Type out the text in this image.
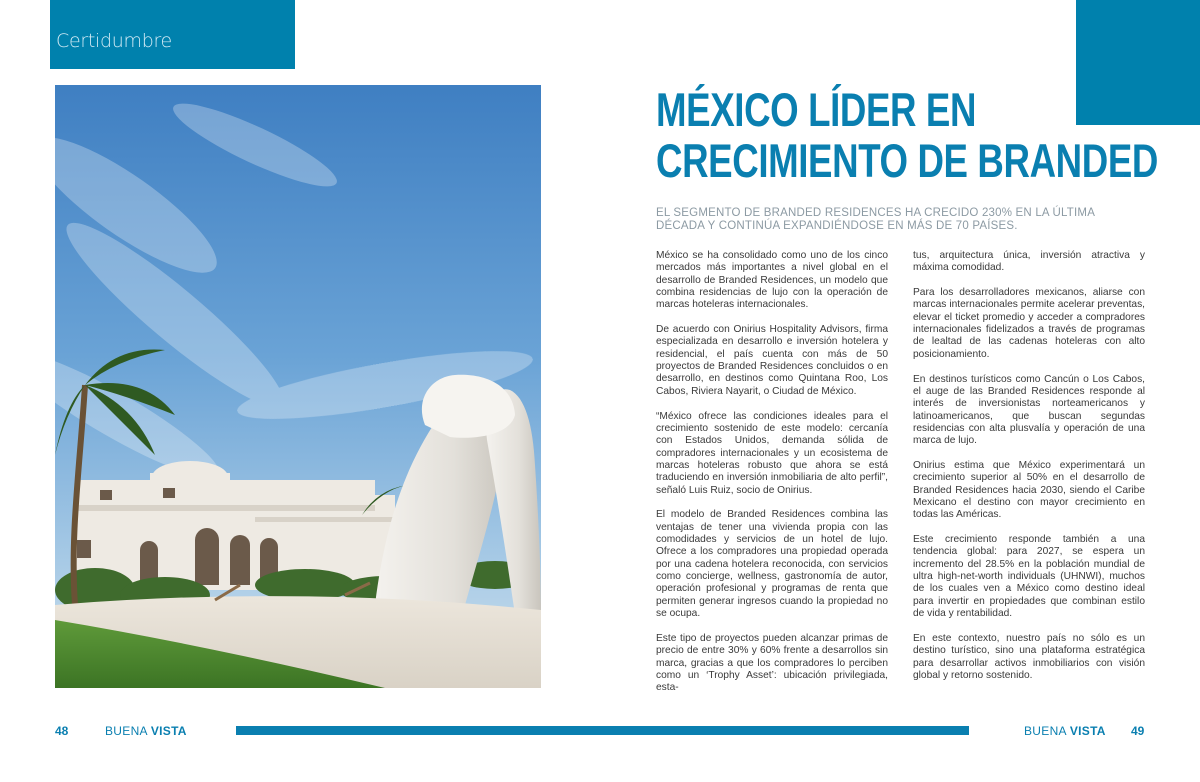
Certidumbre
MÉXICO LÍDER EN
CRECIMIENTO DE BRANDED
EL SEGMENTO DE BRANDED RESIDENCES HA CRECIDO 230% EN LA ÚLTIMA DÉCADA Y CONTINÚA EXPANDIÉNDOSE EN MÁS DE 70 PAÍSES.

México se ha consolidado como uno de los cinco mercados más importantes a nivel global en el desarrollo de Branded Residences, un modelo que combina residencias de lujo con la operación de marcas hoteleras internacionales.

De acuerdo con Onirius Hospitality Advisors, firma especializada en desarrollo e inversión hotelera y residencial, el país cuenta con más de 50 proyectos de Branded Residences concluidos o en desarrollo, en destinos como Quintana Roo, Los Cabos, Riviera Nayarit, o Ciudad de México.

“México ofrece las condiciones ideales para el crecimiento sostenido de este modelo: cercanía con Estados Unidos, demanda sólida de compradores internacionales y un ecosistema de marcas hoteleras robusto que ahora se está traduciendo en inversión inmobiliaria de alto perfil”, señaló Luis Ruiz, socio de Onirius.

El modelo de Branded Residences combina las ventajas de tener una vivienda propia con las comodidades y servicios de un hotel de lujo. Ofrece a los compradores una propiedad operada por una cadena hotelera reconocida, con servicios como concierge, wellness, gastronomía de autor, operación profesional y programas de renta que permiten generar ingresos cuando la propiedad no se ocupa.

Este tipo de proyectos pueden alcanzar primas de precio de entre 30% y 60% frente a desarrollos sin marca, gracias a que los compradores lo perciben como un ‘Trophy Asset’: ubicación privilegiada, esta-

tus, arquitectura única, inversión atractiva y máxima comodidad.

Para los desarrolladores mexicanos, aliarse con marcas internacionales permite acelerar preventas, elevar el ticket promedio y acceder a compradores internacionales fidelizados a través de programas de lealtad de las cadenas hoteleras con alto posicionamiento.

En destinos turísticos como Cancún o Los Cabos, el auge de las Branded Residences responde al interés de inversionistas norteamericanos y latinoamericanos, que buscan segundas residencias con alta plusvalía y operación de una marca de lujo.

Onirius estima que México experimentará un crecimiento superior al 50% en el desarrollo de Branded Residences hacia 2030, siendo el Caribe Mexicano el destino con mayor crecimiento en todas las Américas.

Este crecimiento responde también a una tendencia global: para 2027, se espera un incremento del 28.5% en la población mundial de ultra high-net-worth individuals (UHNWI), muchos de los cuales ven a México como destino ideal para invertir en propiedades que combinan estilo de vida y rentabilidad.

En este contexto, nuestro país no sólo es un destino turístico, sino una plataforma estratégica para desarrollar activos inmobiliarios con visión global y retorno sostenido.

48	BUENA VISTA	BUENA VISTA 49
